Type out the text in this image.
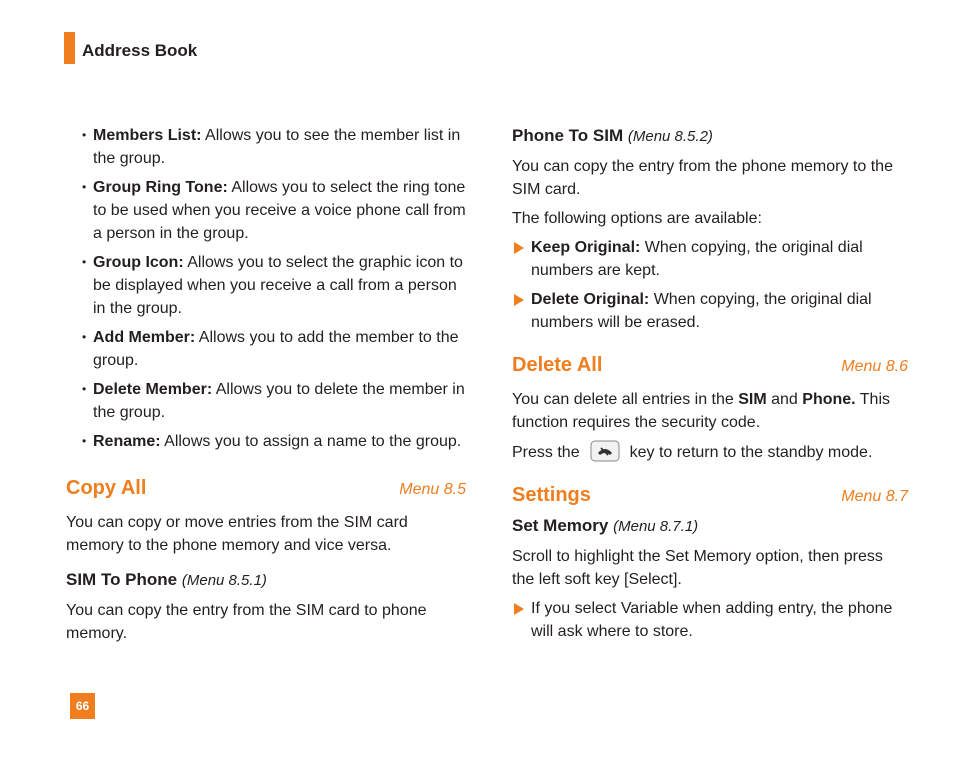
Address Book
• Members List: Allows you to see the member list in the group.
• Group Ring Tone: Allows you to select the ring tone to be used when you receive a voice phone call from a person in the group.
• Group Icon: Allows you to select the graphic icon to be displayed when you receive a call from a person in the group.
• Add Member: Allows you to add the member to the group.
• Delete Member: Allows you to delete the member in the group.
• Rename: Allows you to assign a name to the group.
Copy All	Menu 8.5

You can copy or move entries from the SIM card memory to the phone memory and vice versa.

SIM To Phone (Menu 8.5.1)

You can copy the entry from the SIM card to phone memory.

Phone To SIM (Menu 8.5.2)

You can copy the entry from the phone memory to the SIM card.

The following options are available:

Keep Original: When copying, the original dial numbers are kept.
Delete Original: When copying, the original dial numbers will be erased.
Delete All	Menu 8.6

You can delete all entries in the SIM and Phone. This function requires the security code.

Press the	key to return to the standby mode.

Settings	Menu 8.7
Set Memory (Menu 8.7.1)

Scroll to highlight the Set Memory option, then press the left soft key [Select].

If you select Variable when adding entry, the phone will ask where to store.
66
